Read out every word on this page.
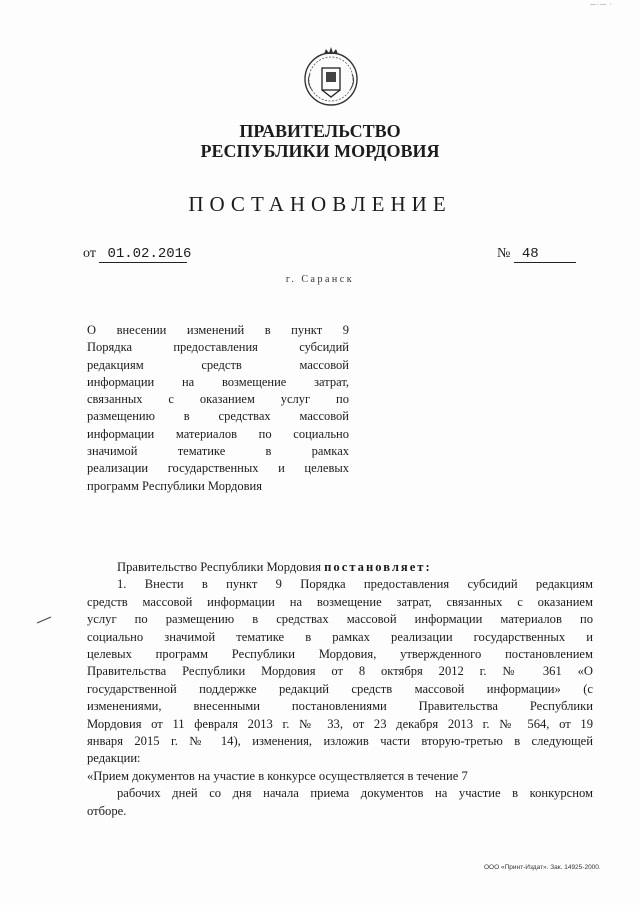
—·— ·
ПРАВИТЕЛЬСТВО
РЕСПУБЛИКИ МОРДОВИЯ
ПОСТАНОВЛЕНИЕ
от 01.02.2016	№ 48
г. Саранск
О внесении изменений в пункт 9
Порядка предоставления субсидий
редакциям средств массовой
информации на возмещение затрат,
связанных с оказанием услуг по
размещению в средствах массовой
информации материалов по социально
значимой тематике в рамках
реализации государственных и целевых
программ Республики Мордовия
Правительство Республики Мордовия постановляет:
1. Внести в пункт 9 Порядка предоставления субсидий редакциям
средств массовой информации на возмещение затрат, связанных с оказанием
услуг по размещению в средствах массовой информации материалов по
социально значимой тематике в рамках реализации государственных и
целевых программ Республики Мордовия, утвержденного постановлением
Правительства Республики Мордовия от 8 октября 2012 г. № 361 «О
государственной поддержке редакций средств массовой информации» (с
изменениями, внесенными постановлениями Правительства Республики
Мордовия от 11 февраля 2013 г. № 33, от 23 декабря 2013 г. № 564, от 19
января 2015 г. № 14), изменения, изложив части вторую-третью в следующей
редакции:
«Прием документов на участие в конкурсе осуществляется в течение 7
рабочих дней со дня начала приема документов на участие в конкурсном
отборе.
ООО «Принт-Издат». Зак. 14925-2000.
